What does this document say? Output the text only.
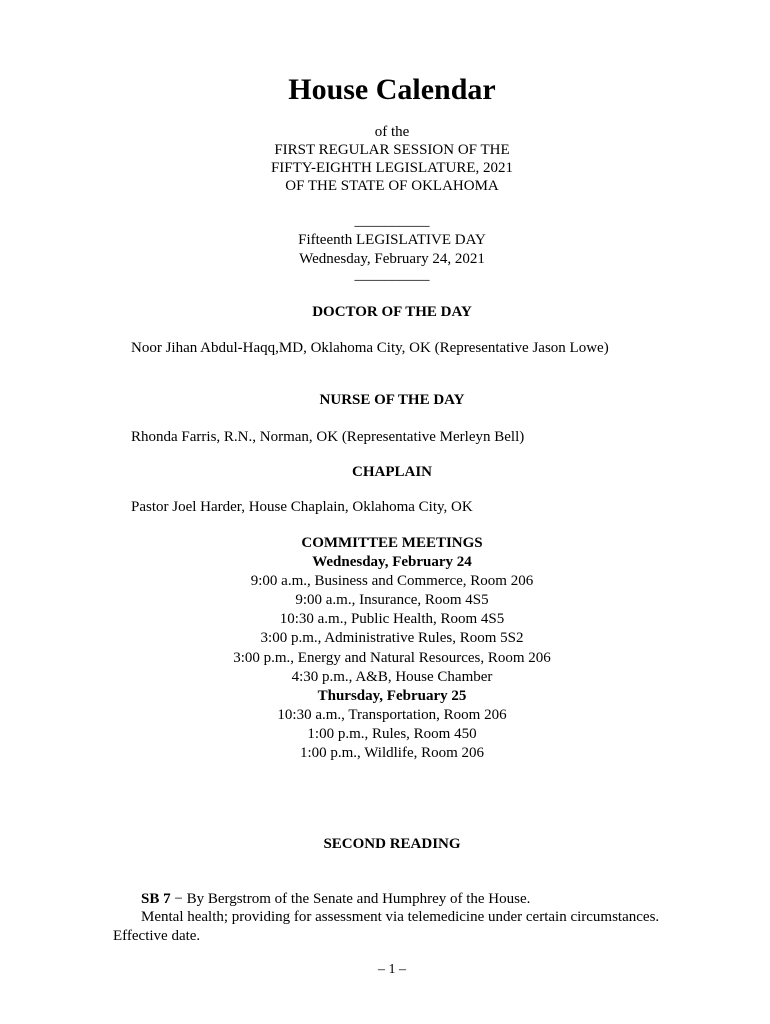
House Calendar
of the
FIRST REGULAR SESSION OF THE
FIFTY-EIGHTH LEGISLATURE, 2021
OF THE STATE OF OKLAHOMA
__________
Fifteenth LEGISLATIVE DAY
Wednesday, February 24, 2021
__________
DOCTOR OF THE DAY
Noor Jihan Abdul-Haqq,MD, Oklahoma City, OK (Representative Jason Lowe)
NURSE OF THE DAY
Rhonda Farris, R.N., Norman, OK (Representative Merleyn Bell)
CHAPLAIN
Pastor Joel Harder, House Chaplain, Oklahoma City, OK
COMMITTEE MEETINGS
Wednesday, February 24
9:00 a.m., Business and Commerce, Room 206
9:00 a.m., Insurance, Room 4S5
10:30 a.m., Public Health, Room 4S5
3:00 p.m., Administrative Rules, Room 5S2
3:00 p.m., Energy and Natural Resources, Room 206
4:30 p.m., A&B, House Chamber
Thursday, February 25
10:30 a.m., Transportation, Room 206
1:00 p.m., Rules, Room 450
1:00 p.m., Wildlife, Room 206
SECOND READING
SB 7 − By Bergstrom of the Senate and Humphrey of the House.
Mental health; providing for assessment via telemedicine under certain circumstances.
Effective date.
– 1 –
